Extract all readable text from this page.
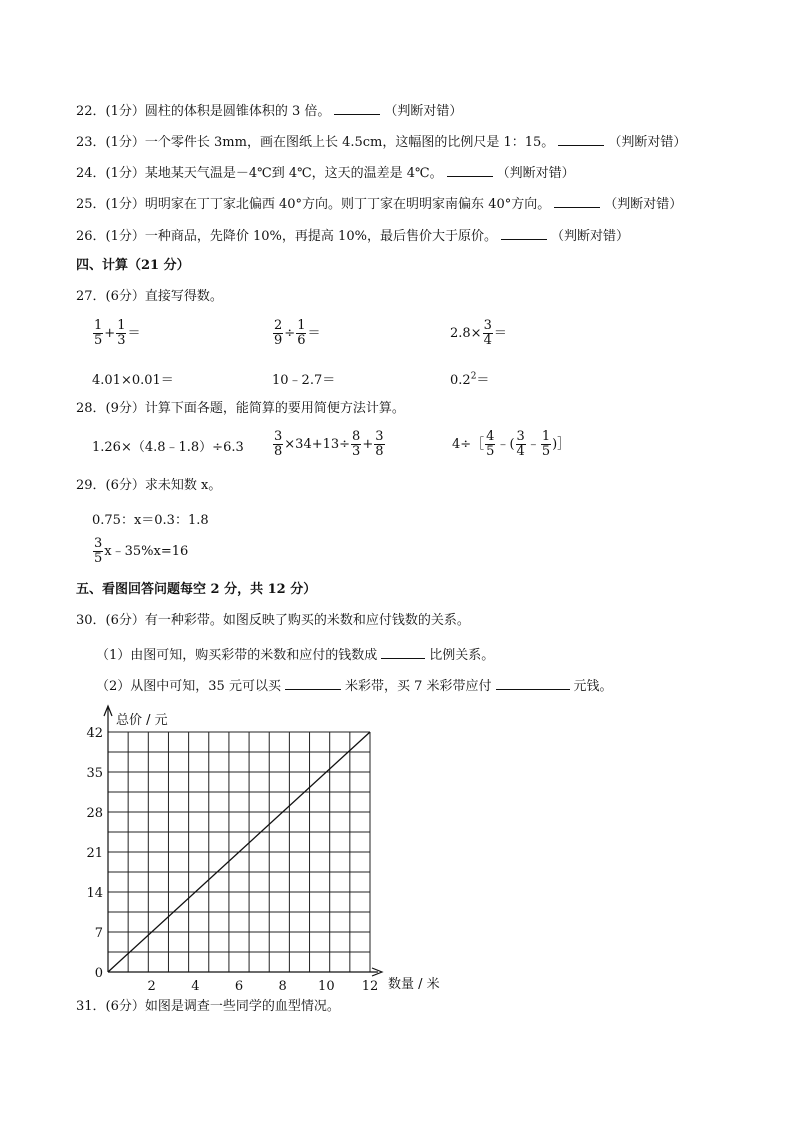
22．(1分）圆柱的体积是圆锥体积的 3 倍。	（判断对错）
23．(1分）一个零件长 3mm，画在图纸上长 4.5cm，这幅图的比例尺是 1：15。	（判断对错）
24．(1分）某地某天气温是－4℃到 4℃，这天的温差是 4℃。	（判断对错）
25．(1分）明明家在丁丁家北偏西 40°方向。则丁丁家在明明家南偏东 40°方向。	（判断对错）
26．(1分）一种商品，先降价 10%，再提高 10%，最后售价大于原价。	（判断对错）
四、计算（21 分）
27．(6分）直接写得数。
$\frac{1}{5} + \frac{1}{3}$ ＝	$\frac{2}{9} \div \frac{1}{6}$ ＝	$2.8\times \frac{3}{4}$ ＝
4.01×0.01＝	10﹣2.7＝	$0.2^2=$
28．(9分）计算下面各题，能简算的要用简便方法计算。
1.26×（4.8﹣1.8）÷6.3 $\frac{3}{8} \times 34+13\div \frac{8}{3} + \frac{3}{8}$	4÷［ $\frac{4}{5}$ ﹣( $\frac{3}{4}$ ﹣ $\frac{1}{5}$ )］
29．(6分）求未知数 x。
0.75：x＝0.3：1.8
$\frac{3}{5}$ x﹣35%x=16
五、看图回答问题每空 2 分，共 12 分）
30．(6分）有一种彩带。如图反映了购买的米数和应付钱数的关系。
（1）由图可知，购买彩带的米数和应付的钱数成	比例关系。
（2）从图中可知，35 元可以买	米彩带，买 7 米彩带应付	元钱。
0
7
14
21
28
35
42
2	4	6	8 10 12
总价 / 元
数量 / 米
31．(6分）如图是调查一些同学的血型情况。
